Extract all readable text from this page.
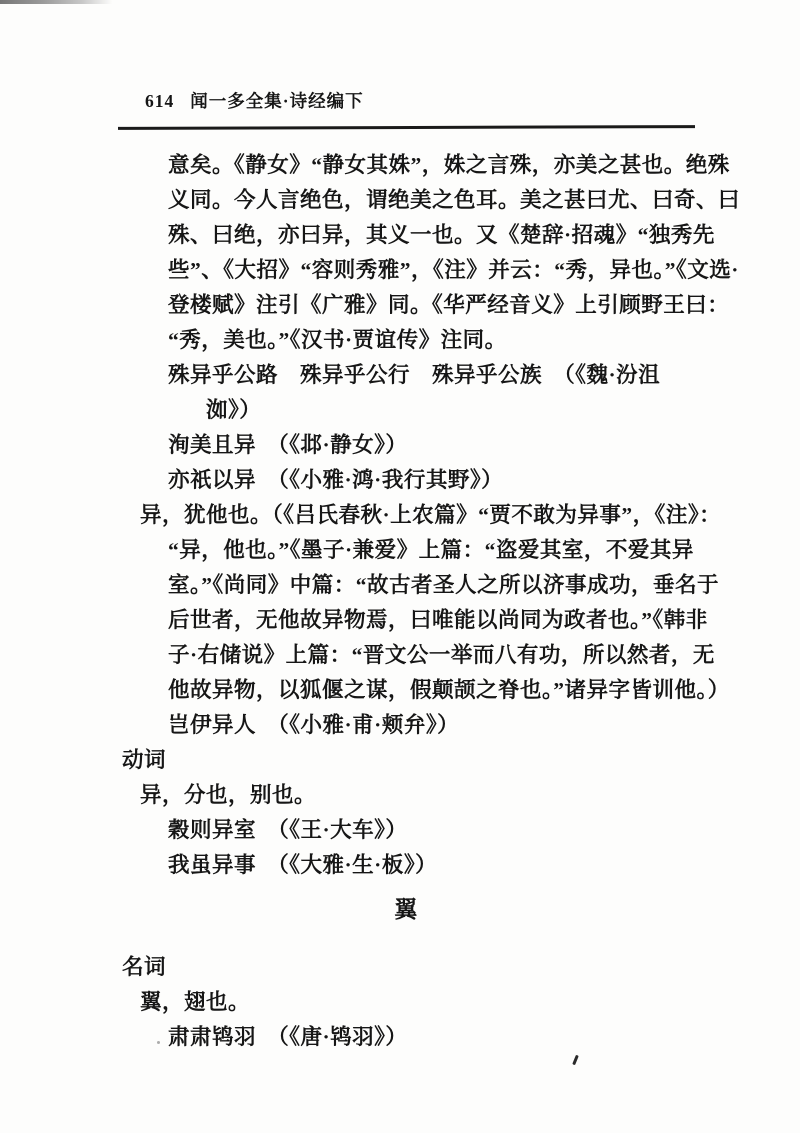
614 闻一多全集·诗经编下
意矣。《静女》“静女其姝”，姝之言殊，亦美之甚也。绝殊
义同。今人言绝色，谓绝美之色耳。美之甚曰尤、曰奇、曰
殊、曰绝，亦曰异，其义一也。又《楚辞·招魂》“独秀先
些”、《大招》“容则秀雅”，《注》并云：“秀，异也。”《文选·
登楼赋》注引《广雅》同。《华严经音义》上引顾野王曰：
“秀，美也。”《汉书·贾谊传》注同。
殊异乎公路　殊异乎公行　殊异乎公族　（《魏·汾沮
洳》）
洵美且异　（《邶·静女》）
亦祇以异　（《小雅·鸿·我行其野》）
异，犹他也。（《吕氏春秋·上农篇》“贾不敢为异事”，《注》：
“异，他也。”《墨子·兼爱》上篇：“盗爱其室，不爱其异
室。”《尚同》中篇：“故古者圣人之所以济事成功，垂名于
后世者，无他故异物焉，曰唯能以尚同为政者也。”《韩非
子·右储说》上篇：“晋文公一举而八有功，所以然者，无
他故异物，以狐偃之谋，假颠颉之脊也。”诸异字皆训他。）
岂伊异人　（《小雅·甫·颊弁》）
动词
异，分也，别也。
穀则异室　（《王·大车》）
我虽异事　（《大雅·生·板》）
翼
名词
翼，翅也。
肃肃鸨羽　（《唐·鸨羽》）
